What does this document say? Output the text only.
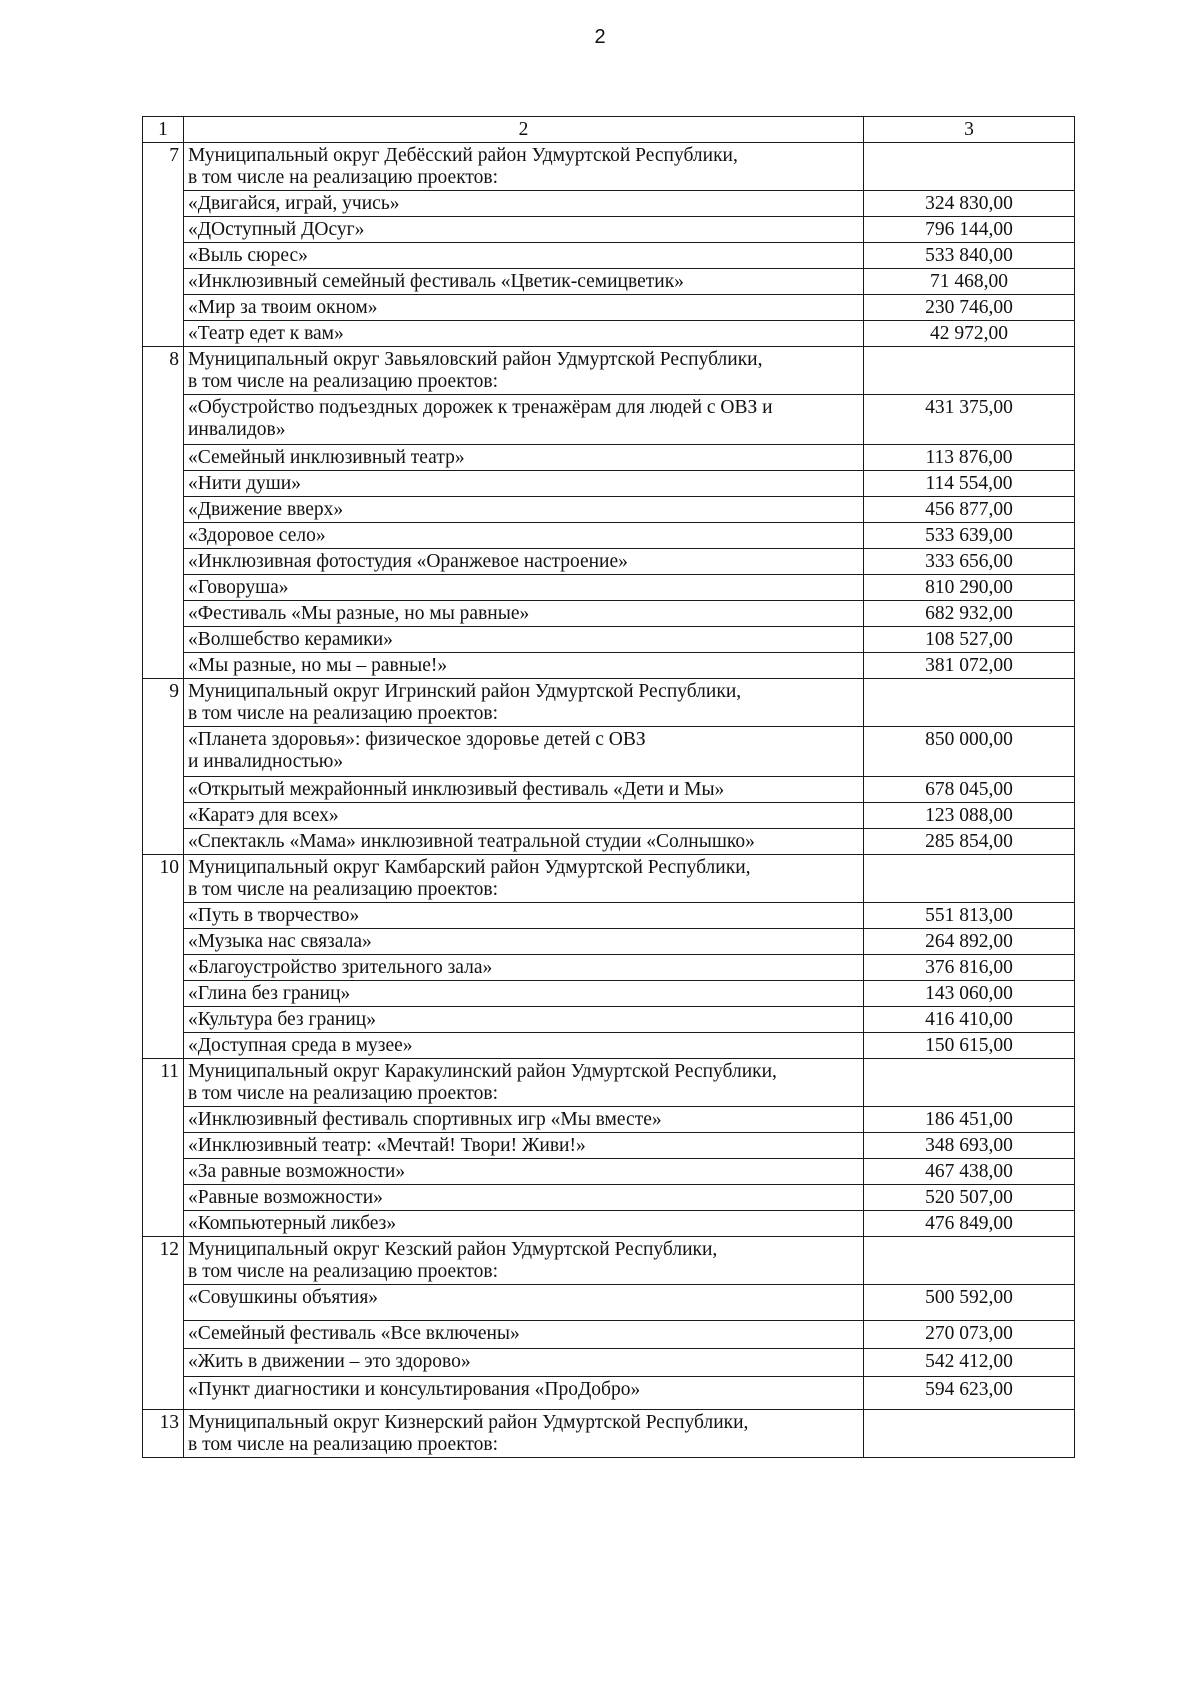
2
1	2	3
7	Муниципальный округ Дебёсский район Удмуртской Республики,
в том числе на реализацию проектов:	

	«Двигайся, играй, учись»	324 830,00
	«ДОступный ДОсуг»	796 144,00
	«Выль сюрес»	533 840,00
	«Инклюзивный семейный фестиваль «Цветик-семицветик»	71 468,00
	«Мир за твоим окном»	230 746,00
	«Театр едет к вам»	42 972,00
8	Муниципальный округ Завьяловский район Удмуртской Республики,
в том числе на реализацию проектов:	

	«Обустройство подъездных дорожек к тренажёрам для людей с ОВЗ и инвалидов»	431 375,00
	«Семейный инклюзивный театр»	113 876,00
	«Нити души»	114 554,00
	«Движение вверх»	456 877,00
	«Здоровое село»	533 639,00
	«Инклюзивная фотостудия «Оранжевое настроение»	333 656,00
	«Говоруша»	810 290,00
	«Фестиваль «Мы разные, но мы равные»	682 932,00
	«Волшебство керамики»	108 527,00
	«Мы разные, но мы – равные!»	381 072,00
9	Муниципальный округ Игринский район Удмуртской Республики,
в том числе на реализацию проектов:	

	«Планета здоровья»: физическое здоровье детей с ОВЗ
и инвалидностью»	850 000,00
	«Открытый межрайонный инклюзивый фестиваль «Дети и Мы»	678 045,00
	«Каратэ для всех»	123 088,00
	«Спектакль «Мама» инклюзивной театральной студии «Солнышко»	285 854,00
10	Муниципальный округ Камбарский район Удмуртской Республики,
в том числе на реализацию проектов:	

	«Путь в творчество»	551 813,00
	«Музыка нас связала»	264 892,00
	«Благоустройство зрительного зала»	376 816,00
	«Глина без границ»	143 060,00
	«Культура без границ»	416 410,00
	«Доступная среда в музее»	150 615,00
11	Муниципальный округ Каракулинский район Удмуртской Республики,
в том числе на реализацию проектов:	

	«Инклюзивный фестиваль спортивных игр «Мы вместе»	186 451,00
	«Инклюзивный театр: «Мечтай! Твори! Живи!»	348 693,00
	«За равные возможности»	467 438,00
	«Равные возможности»	520 507,00
	«Компьютерный ликбез»	476 849,00
12	Муниципальный округ Кезский район Удмуртской Республики,
в том числе на реализацию проектов:	

	«Совушкины объятия»	500 592,00
	«Семейный фестиваль «Все включены»	270 073,00
	«Жить в движении – это здорово»	542 412,00
	«Пункт диагностики и консультирования «ПроДобро»	594 623,00
13	Муниципальный округ Кизнерский район Удмуртской Республики,
в том числе на реализацию проектов:	
